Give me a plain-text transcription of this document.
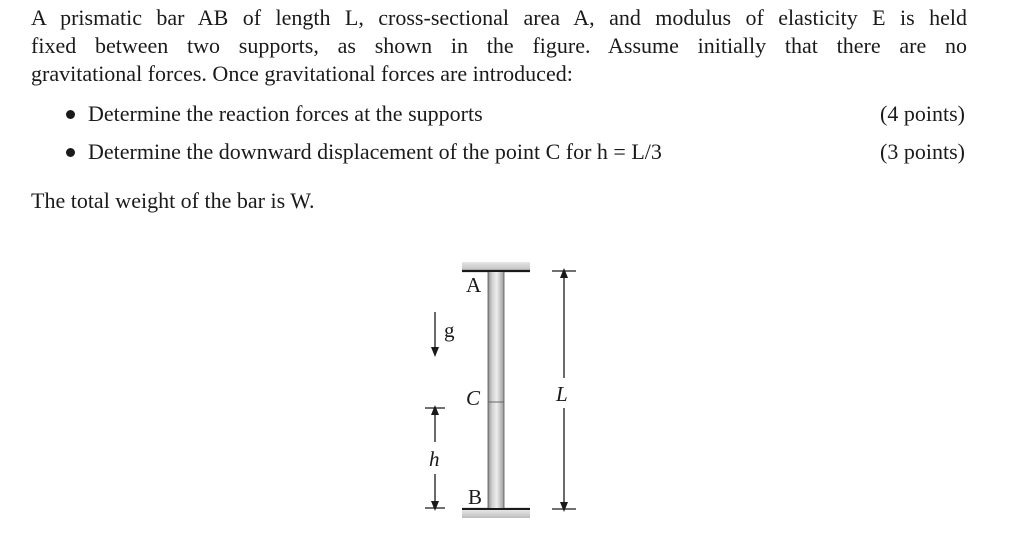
A prismatic bar AB of length L, cross-sectional area A, and modulus of elasticity E is held
fixed between two supports, as shown in the figure. Assume initially that there are no
gravitational forces. Once gravitational forces are introduced:
Determine the reaction forces at the supports	(4 points)
Determine the downward displacement of the point C for h = L/3	(3 points)
The total weight of the bar is W.
A
C
B
g
h
L
